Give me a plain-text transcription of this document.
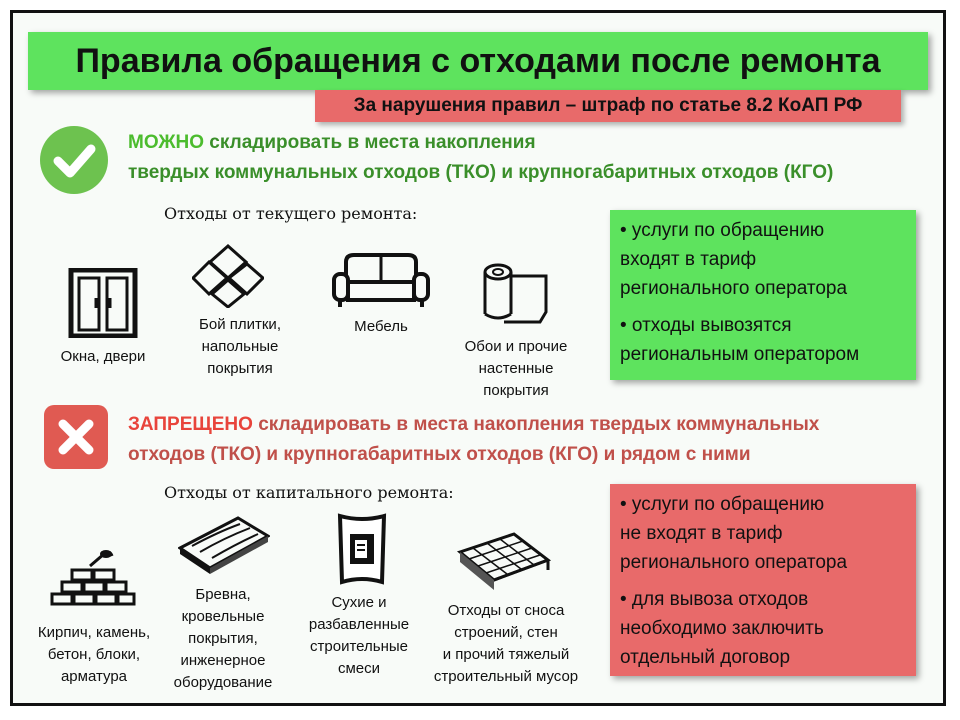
Правила обращения с отходами после ремонта
За нарушения правил – штраф по статье 8.2 КоАП РФ
МОЖНО складировать в места накопления
твердых коммунальных отходов (ТКО) и крупногабаритных отходов (КГО)
Отходы от текущего ремонта:
Окна, двери
Бой плитки,
напольные
покрытия
Мебель
Обои и прочие
настенные
покрытия

• услуги по обращению
входят в тариф
регионального оператора

• отходы вывозятся
региональным оператором

ЗАПРЕЩЕНО складировать в места накопления твердых коммунальных
отходов (ТКО) и крупногабаритных отходов (КГО) и рядом с ними
Отходы от капитального ремонта:
Кирпич, камень,
бетон, блоки,
арматура
Бревна,
кровельные
покрытия,
инженерное
оборудование
Сухие и
разбавленные
строительные
смеси
Отходы от сноса
строений, стен
и прочий тяжелый
строительный мусор

• услуги по обращению
не входят в тариф
регионального оператора

• для вывоза отходов
необходимо заключить
отдельный договор
